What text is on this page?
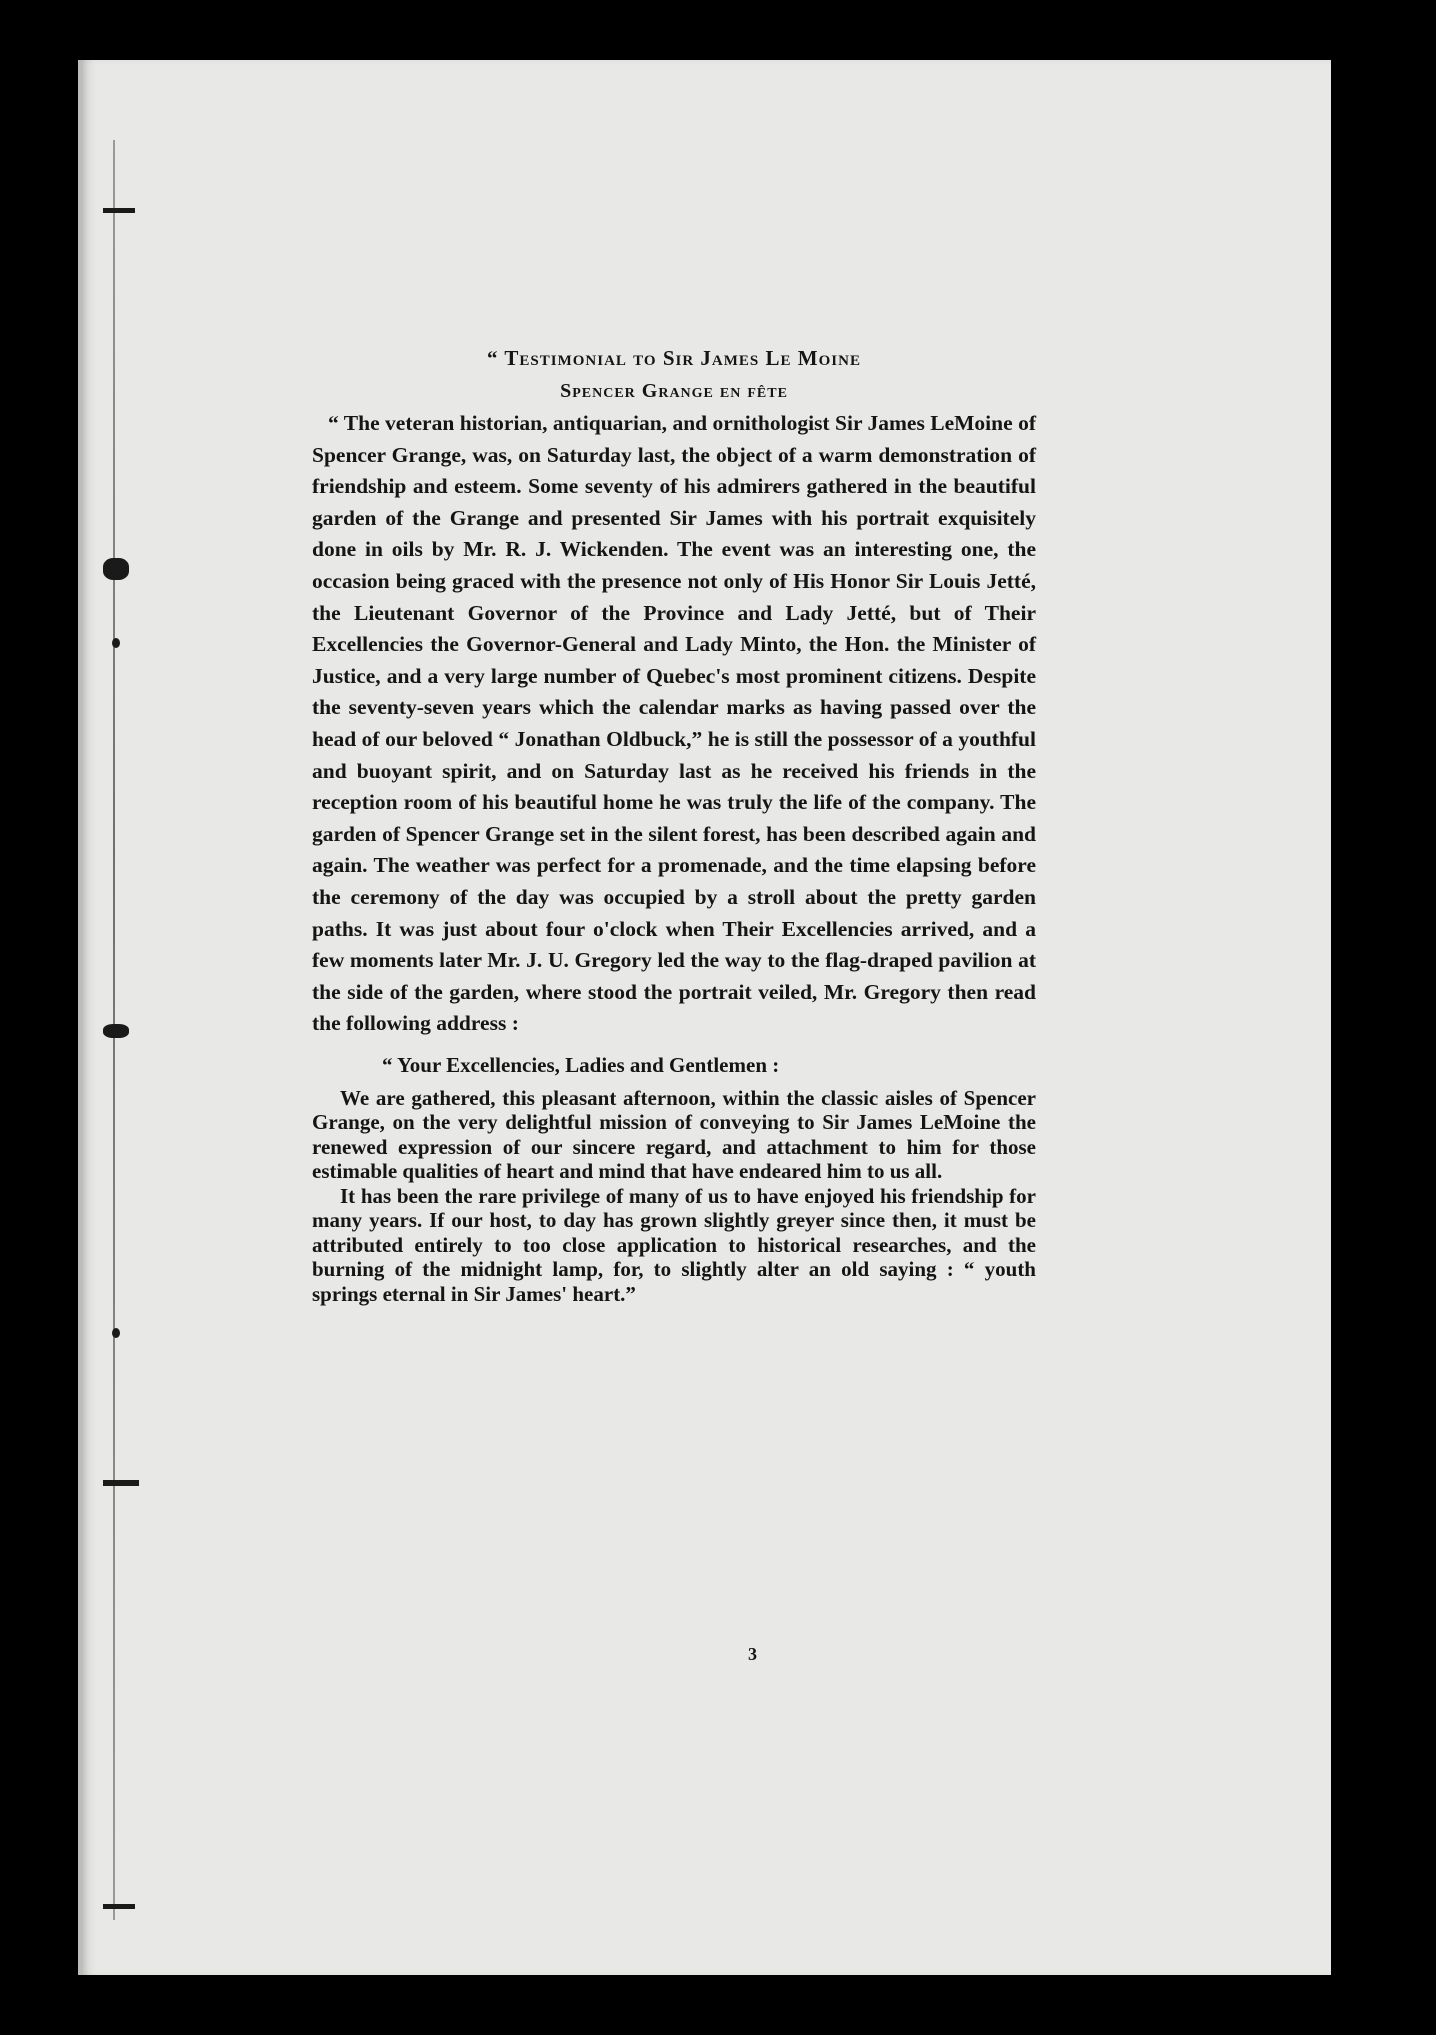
“ Testimonial to Sir James Le Moine

Spencer Grange en fête

“ The veteran historian, antiquarian, and ornithologist Sir James LeMoine of Spencer Grange, was, on Saturday last, the object of a warm demonstration of friendship and esteem. Some seventy of his admirers gathered in the beautiful garden of the Grange and presented Sir James with his portrait exquisitely done in oils by Mr. R. J. Wickenden. The event was an interesting one, the occasion being graced with the presence not only of His Honor Sir Louis Jetté, the Lieutenant Governor of the Province and Lady Jetté, but of Their Excellencies the Governor-General and Lady Minto, the Hon. the Minister of Justice, and a very large number of Quebec's most prominent citizens. Despite the seventy-seven years which the calendar marks as having passed over the head of our beloved “ Jonathan Oldbuck,” he is still the possessor of a youthful and buoyant spirit, and on Saturday last as he received his friends in the reception room of his beautiful home he was truly the life of the company. The garden of Spencer Grange set in the silent forest, has been described again and again. The weather was perfect for a promenade, and the time elapsing before the ceremony of the day was occupied by a stroll about the pretty garden paths. It was just about four o'clock when Their Excellencies arrived, and a few moments later Mr. J. U. Gregory led the way to the flag-draped pavilion at the side of the garden, where stood the portrait veiled, Mr. Gregory then read the following address :

“ Your Excellencies, Ladies and Gentlemen :

We are gathered, this pleasant afternoon, within the classic aisles of Spencer Grange, on the very delightful mission of conveying to Sir James LeMoine the renewed expression of our sincere regard, and attachment to him for those estimable qualities of heart and mind that have endeared him to us all.

It has been the rare privilege of many of us to have enjoyed his friendship for many years. If our host, to day has grown slightly greyer since then, it must be attributed entirely to too close application to historical researches, and the burning of the midnight lamp, for, to slightly alter an old saying : “ youth springs eternal in Sir James' heart.”

3
